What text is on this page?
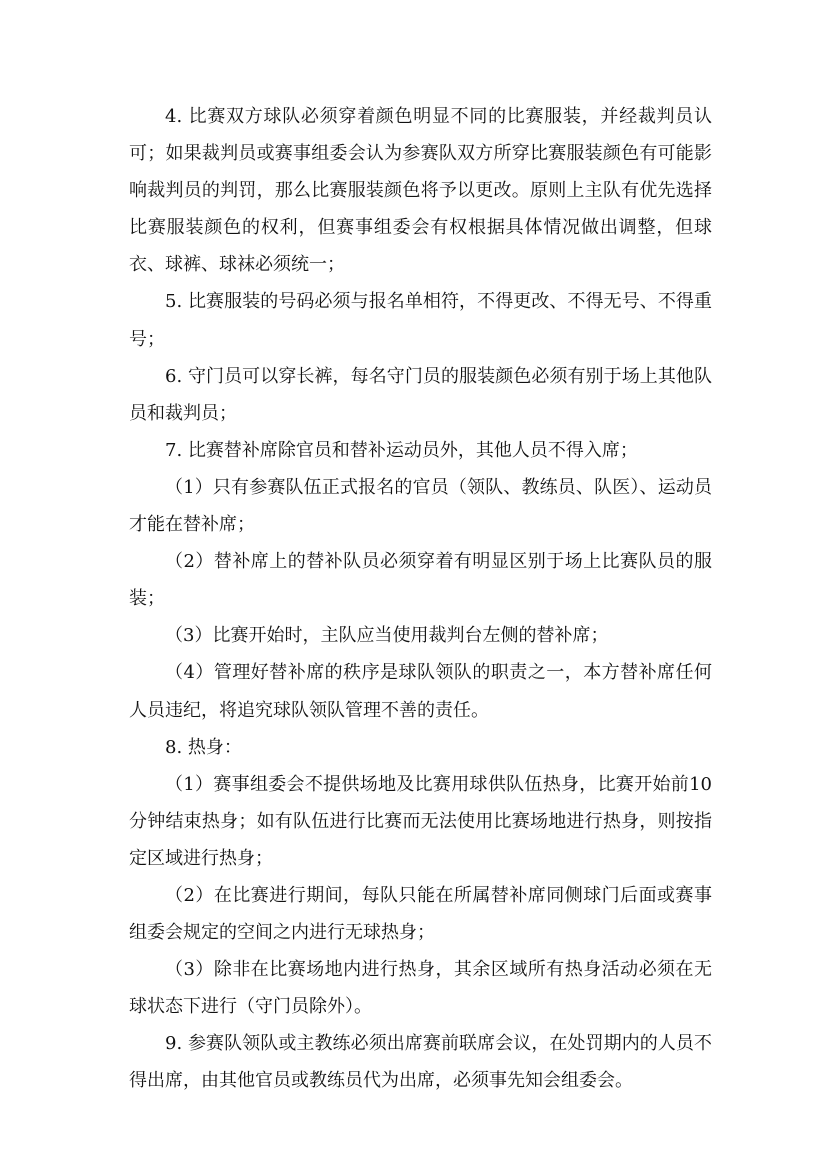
4. 比赛双方球队必须穿着颜色明显不同的比赛服装，并经裁判员认可；如果裁判员或赛事组委会认为参赛队双方所穿比赛服装颜色有可能影响裁判员的判罚，那么比赛服装颜色将予以更改。原则上主队有优先选择比赛服装颜色的权利，但赛事组委会有权根据具体情况做出调整，但球衣、球裤、球袜必须统一；

5. 比赛服装的号码必须与报名单相符，不得更改、不得无号、不得重号；

6. 守门员可以穿长裤，每名守门员的服装颜色必须有别于场上其他队员和裁判员；

7. 比赛替补席除官员和替补运动员外，其他人员不得入席；

（1）只有参赛队伍正式报名的官员（领队、教练员、队医）、运动员才能在替补席；

（2）替补席上的替补队员必须穿着有明显区别于场上比赛队员的服装；

（3）比赛开始时，主队应当使用裁判台左侧的替补席；

（4）管理好替补席的秩序是球队领队的职责之一，本方替补席任何人员违纪，将追究球队领队管理不善的责任。

8. 热身：

（1）赛事组委会不提供场地及比赛用球供队伍热身，比赛开始前10分钟结束热身；如有队伍进行比赛而无法使用比赛场地进行热身，则按指定区域进行热身；

（2）在比赛进行期间，每队只能在所属替补席同侧球门后面或赛事组委会规定的空间之内进行无球热身；

（3）除非在比赛场地内进行热身，其余区域所有热身活动必须在无球状态下进行（守门员除外）。

9. 参赛队领队或主教练必须出席赛前联席会议，在处罚期内的人员不得出席，由其他官员或教练员代为出席，必须事先知会组委会。
